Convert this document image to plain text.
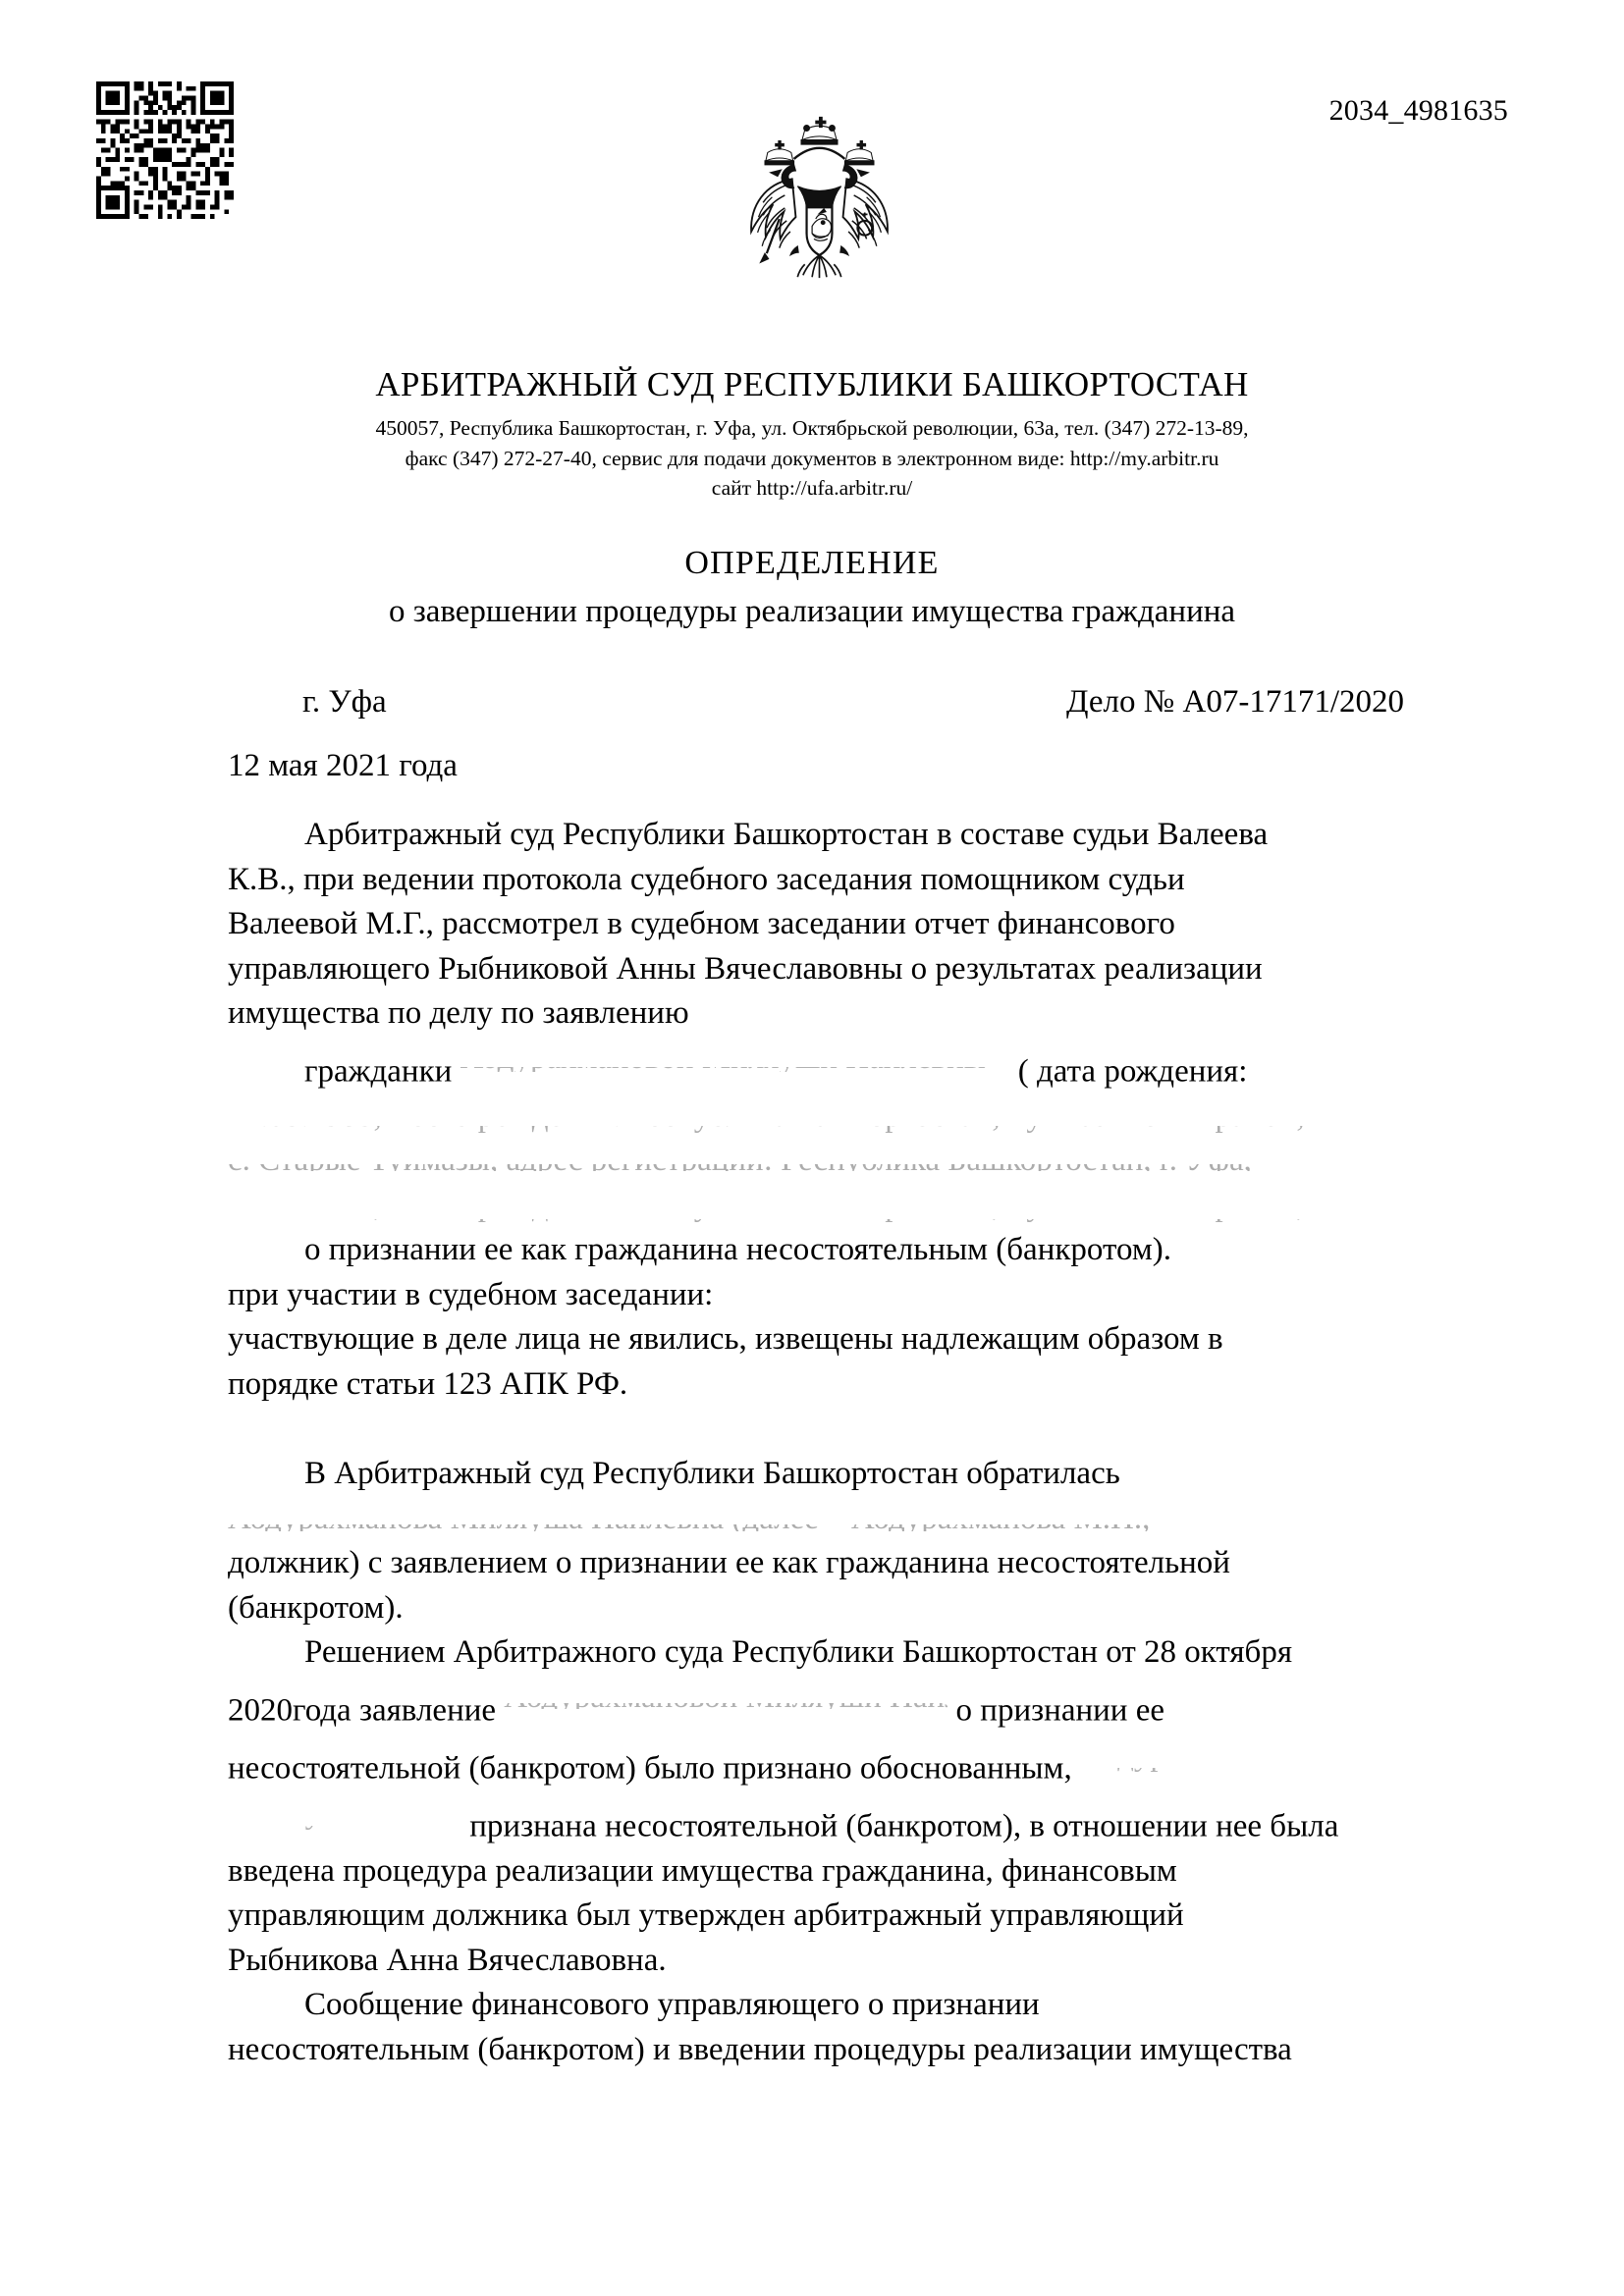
2034_4981635
АРБИТРАЖНЫЙ СУД РЕСПУБЛИКИ БАШКОРТОСТАН
450057, Республика Башкортостан, г. Уфа, ул. Октябрьской революции, 63а, тел. (347) 272-13-89,
факс (347) 272-27-40, сервис для подачи документов в электронном виде: http://my.arbitr.ru
сайт http://ufa.arbitr.ru/
ОПРЕДЕЛЕНИЕ
о завершении процедуры реализации имущества гражданина
г. Уфа	Дело № А07-17171/2020
12 мая 2021 года

Арбитражный суд Республики Башкортостан в составе судьи Валеева

К.В., при ведении протокола судебного заседания помощником судьи

Валеевой М.Г., рассмотрел в судебном заседании отчет финансового

управляющего Рыбниковой Анны Вячеславовны о результатах реализации

имущества по делу по заявлению

гражданки	( дата рождения:

о признании ее как гражданина несостоятельным (банкротом).

при участии в судебном заседании:

участвующие в деле лица не явились, извещены надлежащим образом в

порядке статьи 123 АПК РФ.

В Арбитражный суд Республики Башкортостан обратилась

должник) с заявлением о признании ее как гражданина несостоятельной

(банкротом).

Решением Арбитражного суда Республики Башкортостан от 28 октября

2020года заявление	о признании ее

несостоятельной (банкротом) было признано обоснованным,

признана несостоятельной (банкротом), в отношении нее была

введена процедура реализации имущества гражданина, финансовым

управляющим должника был утвержден арбитражный управляющий

Рыбникова Анна Вячеславовна.

Сообщение финансового управляющего о признании

несостоятельным (банкротом) и введении процедуры реализации имущества
